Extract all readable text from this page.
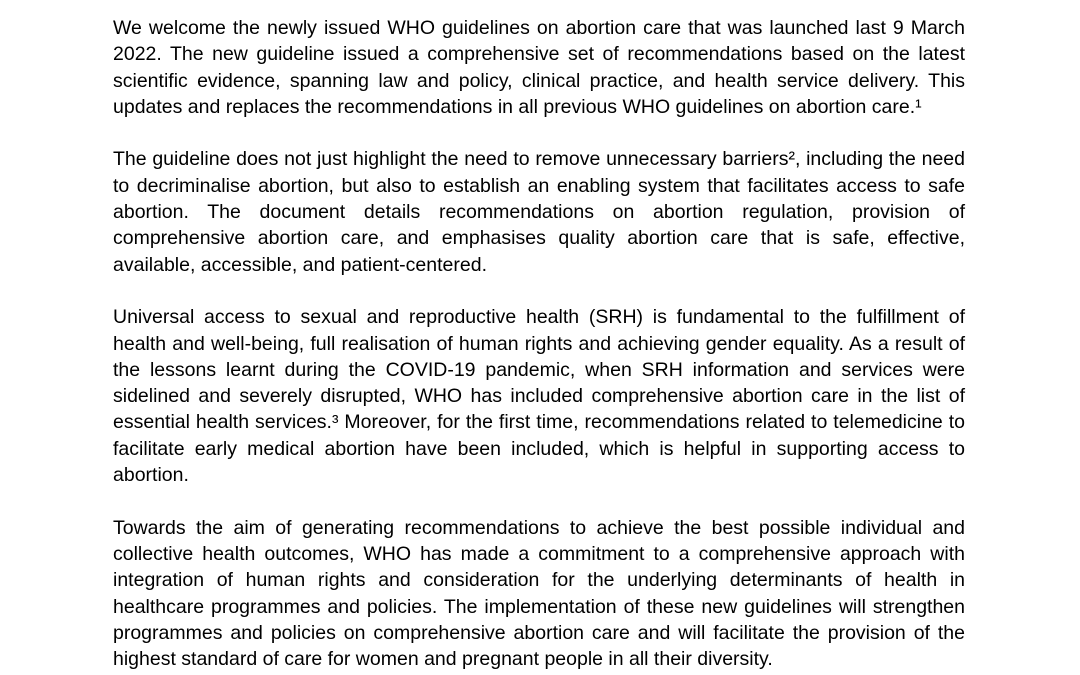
We welcome the newly issued WHO guidelines on abortion care that was launched last 9 March 2022. The new guideline issued a comprehensive set of recommendations based on the latest scientific evidence, spanning law and policy, clinical practice, and health service delivery. This updates and replaces the recommendations in all previous WHO guidelines on abortion care.¹

The guideline does not just highlight the need to remove unnecessary barriers², including the need to decriminalise abortion, but also to establish an enabling system that facilitates access to safe abortion. The document details recommendations on abortion regulation, provision of comprehensive abortion care, and emphasises quality abortion care that is safe, effective, available, accessible, and patient-centered.

Universal access to sexual and reproductive health (SRH) is fundamental to the fulfillment of health and well-being, full realisation of human rights and achieving gender equality. As a result of the lessons learnt during the COVID-19 pandemic, when SRH information and services were sidelined and severely disrupted, WHO has included comprehensive abortion care in the list of essential health services.³ Moreover, for the first time, recommendations related to telemedicine to facilitate early medical abortion have been included, which is helpful in supporting access to abortion.

Towards the aim of generating recommendations to achieve the best possible individual and collective health outcomes, WHO has made a commitment to a comprehensive approach with integration of human rights and consideration for the underlying determinants of health in healthcare programmes and policies. The implementation of these new guidelines will strengthen programmes and policies on comprehensive abortion care and will facilitate the provision of the highest standard of care for women and pregnant people in all their diversity.
